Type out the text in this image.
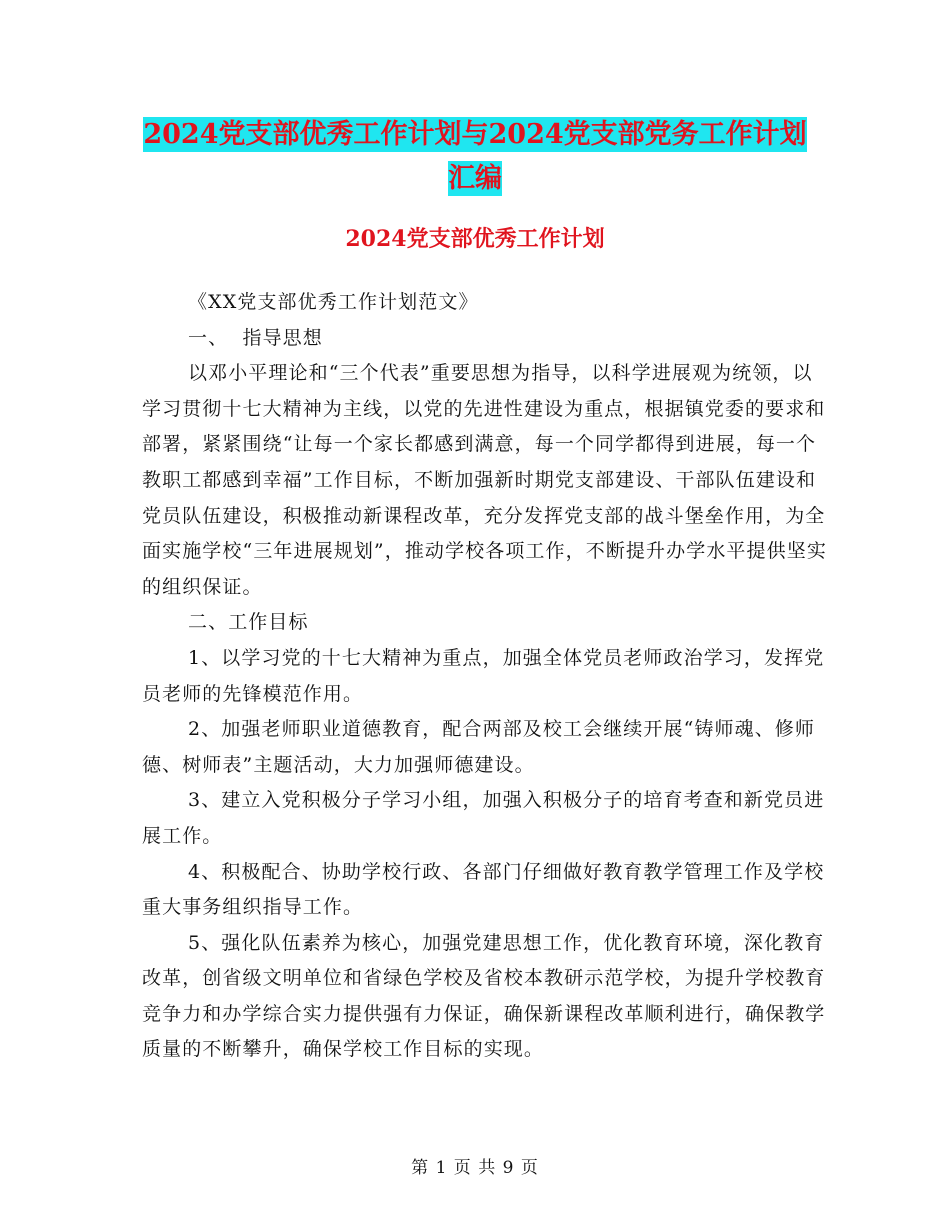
2024党支部优秀工作计划与2024党支部党务工作计划
汇编
2024党支部优秀工作计划

《XX党支部优秀工作计划范文》

一、  指导思想

以邓小平理论和“三个代表”重要思想为指导，以科学进展观为统领，以学习贯彻十七大精神为主线，以党的先进性建设为重点，根据镇党委的要求和部署，紧紧围绕“让每一个家长都感到满意，每一个同学都得到进展，每一个教职工都感到幸福”工作目标，不断加强新时期党支部建设、干部队伍建设和党员队伍建设，积极推动新课程改革，充分发挥党支部的战斗堡垒作用，为全面实施学校“三年进展规划”，推动学校各项工作，不断提升办学水平提供坚实的组织保证。

二、工作目标

1、以学习党的十七大精神为重点，加强全体党员老师政治学习，发挥党员老师的先锋模范作用。

2、加强老师职业道德教育，配合两部及校工会继续开展“铸师魂、修师德、树师表”主题活动，大力加强师德建设。

3、建立入党积极分子学习小组，加强入积极分子的培育考查和新党员进展工作。

4、积极配合、协助学校行政、各部门仔细做好教育教学管理工作及学校重大事务组织指导工作。

5、强化队伍素养为核心，加强党建思想工作，优化教育环境，深化教育改革，创省级文明单位和省绿色学校及省校本教研示范学校，为提升学校教育竞争力和办学综合实力提供强有力保证，确保新课程改革顺利进行，确保教学质量的不断攀升，确保学校工作目标的实现。

第 1 页 共 9 页
